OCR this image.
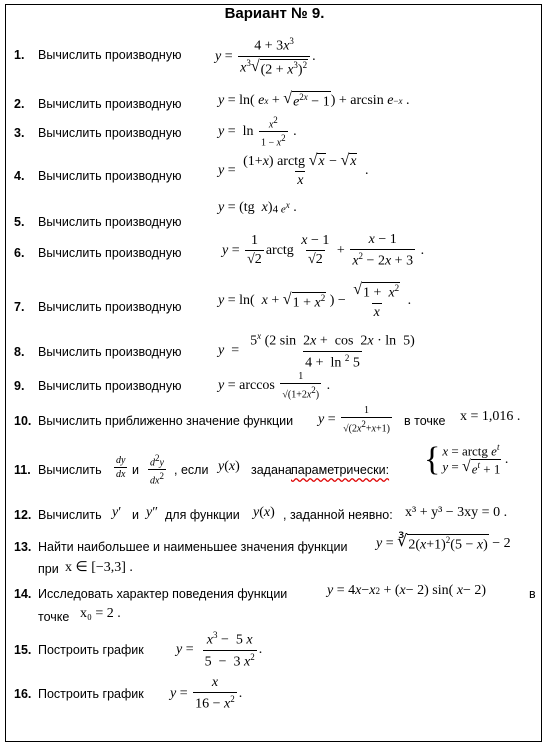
Вариант № 9.
1.	Вычислить производную $y = \frac{4 + 3x^3}{x^3 √ (2 + x^3)^2}$ .
2.	Вычислить производную	y = ln( e x + √ $e^{2x} - 1$ ) + arcsin e −x .
3.	Вычислить производную	$y = \ln \frac{x2}{1 - x2}$ .
4.	Вычислить производную	$y = \frac{\text{(1+x) arctg √ x − √ x}}{x}$ .
5.	Вычислить производную
y = (tg x ) 4 $e^x$ .
6.	Вычислить производную	$y = \frac{1}{√2}$ arctg $\frac{x - 1}{√2} + \frac{x - 1}{x^2 - 2x + 3}$ .
7.	Вычислить производную	y = ln( x + √ $1 + x^2$ ) − $\frac{√ 1 + x^2}{x}$ .
8.	Вычислить производную	$y = \frac{5^x (2 \sin 2x + \cos 2x \cdot \ln 5)}{4 + \ln ^2 5}$
9.	Вычислить производную	$y = \arccos \frac{1}{√(1+2x2)}$ .
10. Вычислить приближенно значение функции $y = \frac{1}{√(2x2+x+1)}$ в точке x = 1,016 .
11. Вычислить $\frac{dy}{dx}$ и $\frac{d2y}{dx2}$ , если y ( x ) задана параметрически: { x = arctg $e^t$
y = √ $e^t + 1$
.
12. Вычислить y ′ и y ″ для функции y ( x ) , заданной неявно: x³ + y³ − 3xy = 0 .
13. Найти наибольшее и наименьшее значения функции y = ∛ $2(x+1)^2(5 - x) - 2$
при x ∈ [−3,3] .
14. Исследовать характер поведения функции	y = 4 x − x 2 + ( x − 2) sin( x − 2)	в
точке x₀ = 2 .
15. Построить график $y = \frac{x^3 - 5 x}{5 - 3 x^2}$ .
16. Построить график $y = \frac{x}{16 - x^2}$ .
